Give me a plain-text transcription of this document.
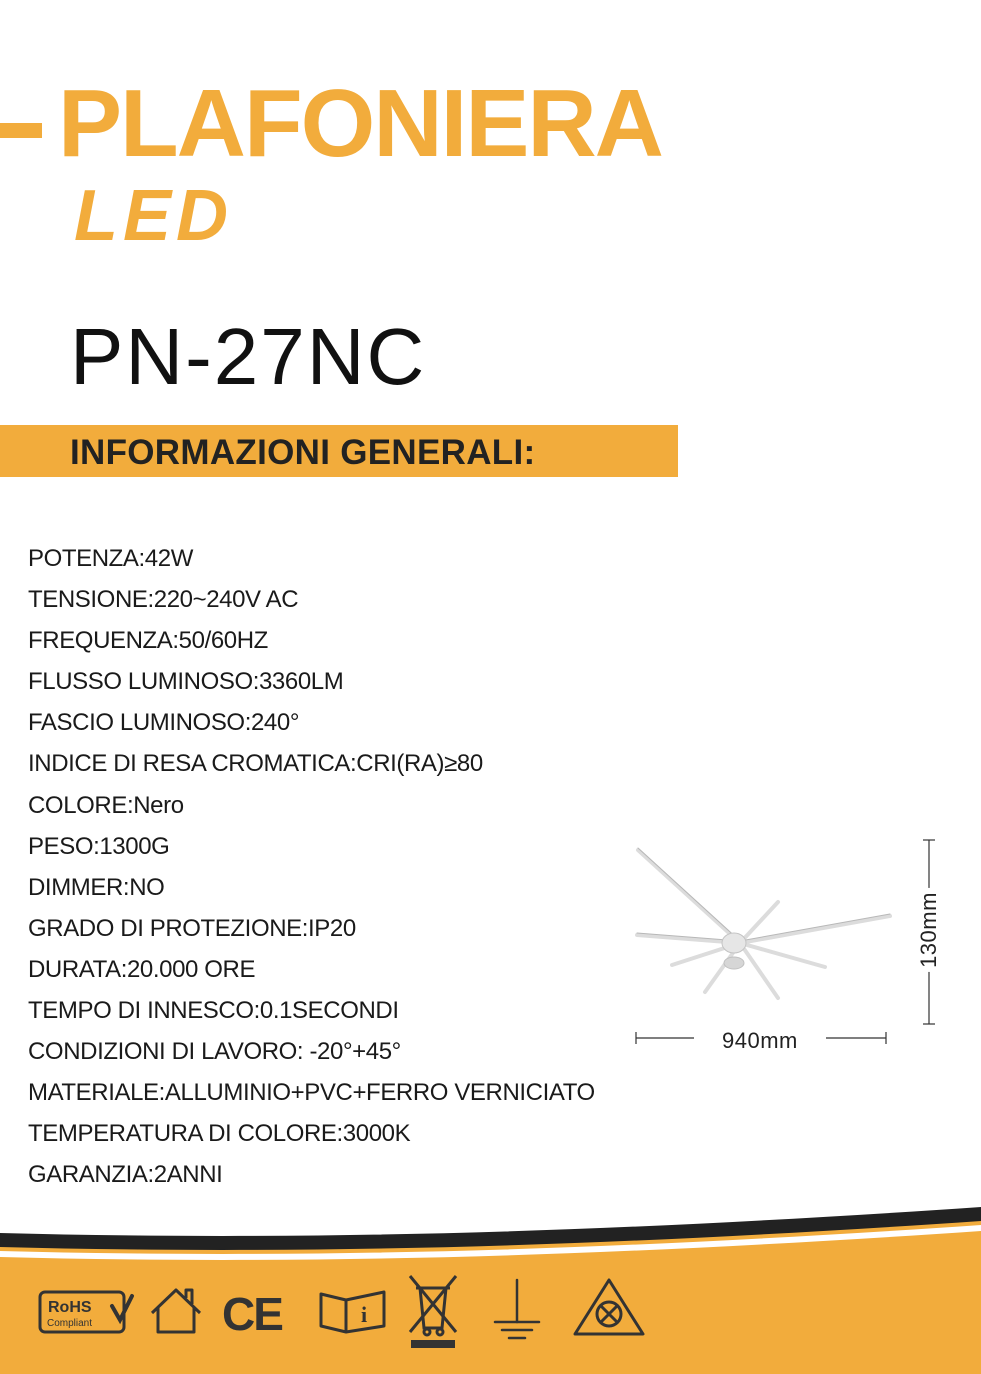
PLAFONIERA
LED
PN-27NC
INFORMAZIONI GENERALI:
POTENZA:42W
TENSIONE:220~240V AC
FREQUENZA:50/60HZ
FLUSSO LUMINOSO:3360LM
FASCIO LUMINOSO:240°
INDICE DI RESA CROMATICA:CRI(RA)≥80
COLORE:Nero
PESO:1300G
DIMMER:NO
GRADO DI PROTEZIONE:IP20
DURATA:20.000 ORE
TEMPO DI INNESCO:0.1SECONDI
CONDIZIONI DI LAVORO: -20°+45°
MATERIALE:ALLUMINIO+PVC+FERRO VERNICIATO
TEMPERATURA DI COLORE:3000K
GARANZIA:2ANNI
940mm
130mm
RoHS
Compliant	CE	i
